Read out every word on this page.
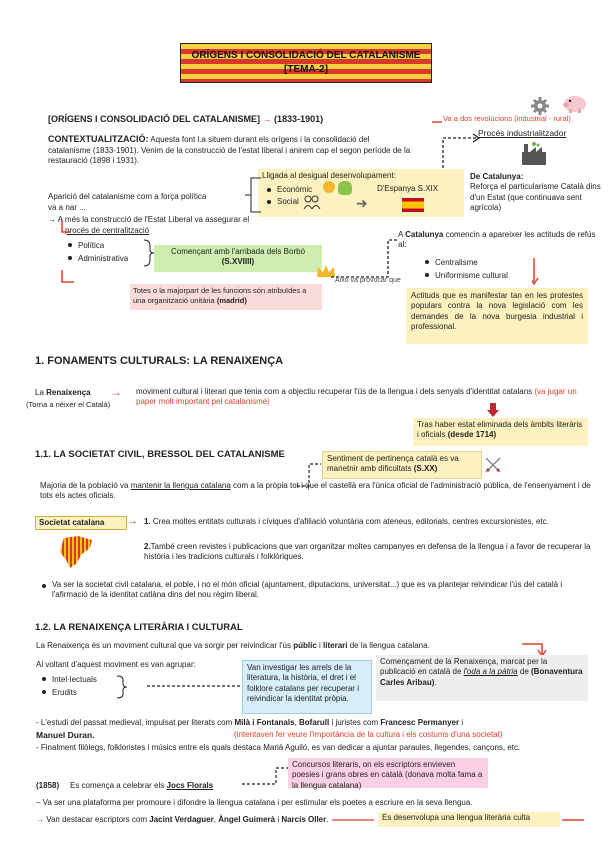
ORÍGENS I CONSOLIDACIÓ DEL CATALANISME
[TEMA-2]
[ORÍGENS I CONSOLIDACIÓ DEL CATALANISME] → (1833-1901)	Va a dos revolucions (industrial - rural)
CONTEXTUALITZACIÓ: Aquesta font l.a situem durant els orígens i la consolidació del catalanisme (1833-1901). Venim de la construcció de l'estat liberal i anirem cap el segon període de la restauració (1898 i 1931).
Procés industrialitzador
De Catalunya:
Reforça el particularisme Català dins d'un Estat (que continuava sent agrícola)
Lligada al desigual desenvolupament:
Econòmic
Social	➜
D'Espanya S.XIX
Aparició del catalanisme com a força política
va a nar ...
→ A més la construcció de l'Estat Liberal va assegurar el
procés de centralització
Política
Administrativa
Començant amb l'arribada dels Borbó
(S.XVIIII)
A Catalunya comencin a apareixer les actituds de refús al:
Centralisme
Uniformisme cultural
Totes o la majorpart de les funcions són atribuïdes a una organització unitària (madrid)
Això va provocar que
Actituds que es manifestar tan en les protestes populars contra la nova legislació com les demandes de la nova burgesia industrial i professional.
1. FONAMENTS CULTURALS: LA RENAIXENÇA
La Renaixença
(Torna a néixer el Català)
→ moviment cultural i literari que tenia com a objectiu recuperar l'ús de la llengua i dels senyals d'identitat catalans (va jugar un paper molt important pel catalanisme)
Tras haber estat eliminada dels àmbits literàris i oficials (desde 1714)
1.1. LA SOCIETAT CIVIL, BRESSOL DEL CATALANISME	Sentiment de pertinença català es va manetnir amb dificultats (S.XX)
Majoria de la població va mantenir la llengua catalana com a la pròpia tot i que el castellà era l'única oficial de l'administració pública, de l'ensenyament i de tots els actes oficials.
Societat catalana	→ 1. Crea moltes entitats culturals i cíviques d'afiliació voluntària com ateneus, editorials, centres excursionistes, etc.
2.També creen revistes i publicacions que van organitzar moltes campanyes en defensa de la llengua i a favor de recuperar la història i les tradicions culturals i folklòriques.
Va ser la societat civil catalana, el poble, i no el món oficial (ajuntament, diputacions, universitat...) que es va plantejar reivindicar l'ús del català i l'afirmació de la identitat catlàna dins del nou règim liberal.
1.2. LA RENAIXENÇA LITERÀRIA I CULTURAL
La Renaixença és un moviment cultural que va sorgir per reivindicar l'ús públic i literari de la llengua catalana.
Al voltant d'aquest moviment es van agrupar:
Intel·lectuals
Erudits
Van investigar les arrels de la literatura, la història, el dret i el folklore catalans per recuperar i reivindicar la identitat pròpia.
Començament de la Renaixença, marcat per la publicació en català de l'oda a la pàtria de (Bonaventura Carles Aribau).
- L'estudi del passat medieval, impulsat per literats com Milà i Fontanals, Bofarull i juristes com Francesc Permanyer i
Manuel Duran.	(intentaven fer veure l'importància de la cultura i els costums d'una societat)
- Finalment filòlegs, folkloristes i músics entre els quals destaca Marià Aguiló, es van dedicar a ajuntar paraules, llegendes, cançons, etc.
Concursos literaris, on els escriptors envieven poesies i grans obres en català (donava molta fama a la llengua catalana)
(1858) Es comença a celebrar els Jocs Florals
– Va ser una plataforma per promoure i difondre la llengua catalana i per estimular els poetes a escriure en la seva llengua.
→ Van destacar escriptors com Jacint Verdaguer, Àngel Guimerà i Narcís Oller.	Es desenvolupa una llengua literària culta
